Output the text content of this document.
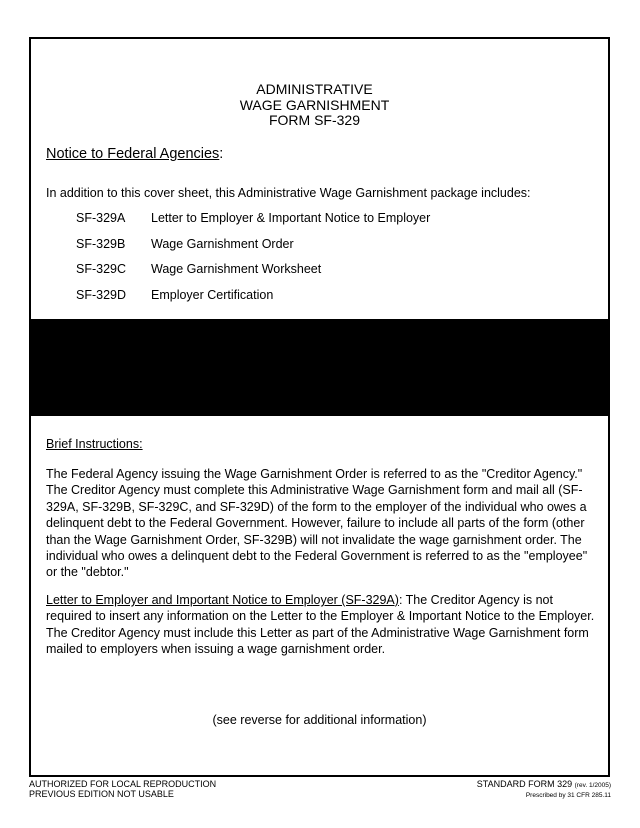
ADMINISTRATIVE
WAGE GARNISHMENT
FORM SF-329
Notice to Federal Agencies:
In addition to this cover sheet, this Administrative Wage Garnishment package includes:
SF-329A	Letter to Employer & Important Notice to Employer
SF-329B	Wage Garnishment Order
SF-329C	Wage Garnishment Worksheet
SF-329D	Employer Certification
Brief Instructions:
The Federal Agency issuing the Wage Garnishment Order is referred to as the "Creditor Agency." The Creditor Agency must complete this Administrative Wage Garnishment form and mail all (SF-329A, SF-329B, SF-329C, and SF-329D) of the form to the employer of the individual who owes a delinquent debt to the Federal Government. However, failure to include all parts of the form (other than the Wage Garnishment Order, SF-329B) will not invalidate the wage garnishment order. The individual who owes a delinquent debt to the Federal Government is referred to as the "employee" or the "debtor."
Letter to Employer and Important Notice to Employer (SF-329A): The Creditor Agency is not required to insert any information on the Letter to the Employer & Important Notice to the Employer. The Creditor Agency must include this Letter as part of the Administrative Wage Garnishment form mailed to employers when issuing a wage garnishment order.
(see reverse for additional information)
AUTHORIZED FOR LOCAL REPRODUCTION
PREVIOUS EDITION NOT USABLE
STANDARD FORM 329 (rev. 1/2005)
Prescribed by 31 CFR 285.11
